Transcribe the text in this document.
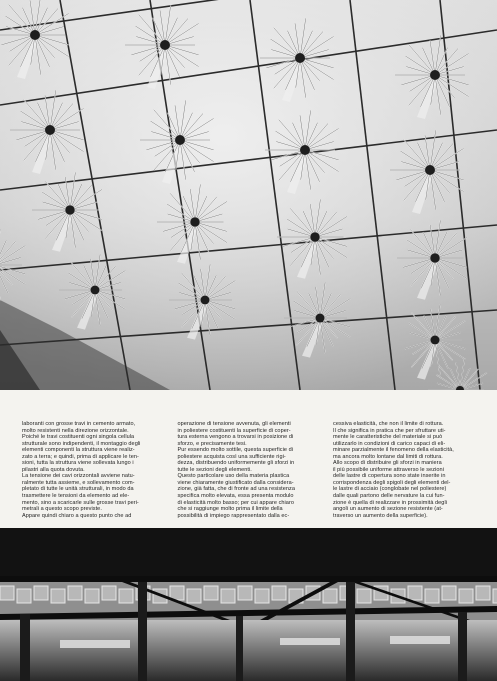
laboranti con grosse travi in cemento armato,

molto resistenti nella direzione orizzontale.

Poiché le travi costituenti ogni singola cellula

strutturale sono indipendenti, il montaggio degli

elementi componenti la struttura viene realiz-

zato a terra; e quindi, prima di applicare le ten-

sioni, tutta la struttura viene sollevata lungo i

pilastri alla quota dovuta.

La tensione dei cavi orizzontali avviene natu-

ralmente tutta assieme, e sollevamento com-

pletato di tutte le unità strutturali, in modo da

trasmettere le tensioni da elemento ad ele-

mento, sino a scaricarle sulle grosse travi peri-

metrali a questo scopo previste.

Appare quindi chiaro a questo punto che ad

operazione di tensione avvenuta, gli elementi

in poliestere costituenti la superficie di coper-

tura esterna vengono a trovarsi in posizione di

sforzo, e precisamente tesi.

Pur essendo molto sottile, questa superficie di

poliestere acquista così una sufficiente rigi-

dezza, distribuendo uniformemente gli sforzi in

tutte le sezioni degli elementi.

Questo particolare uso della materia plastica

viene chiaramente giustificato dalla considera-

zione, già fatta, che di fronte ad una resistenza

specifica molto elevata, essa presenta modulo

di elasticità molto basso; per cui appare chiaro

che si raggiunge molto prima il limite della

possibilità di impiego rappresentato dalla ec-

cessiva elasticità, che non il limite di rottura.

Il che significa in pratica che per sfruttare uti-

mente le caratteristiche del materiale si può

utilizzarlo in condizioni di carico capaci di eli-

minare parzialmente il fenomeno della elasticità,

ma ancora molto lontane dal limiti di rottura.

Allo scopo di distribuire gli sforzi in maniera

il più possibile uniforme attraverso le sezioni

delle lastre di copertura sono state inserite in

corrispondenza degli spigoli degli elementi del-

le lastre di acciaio (conglobate nel poliestere)

dalle quali partono delle nervature la cui fun-

zione è quella di realizzare in prossimità degli

angoli un aumento di sezione resistente (at-

traverso un aumento della superficie).
